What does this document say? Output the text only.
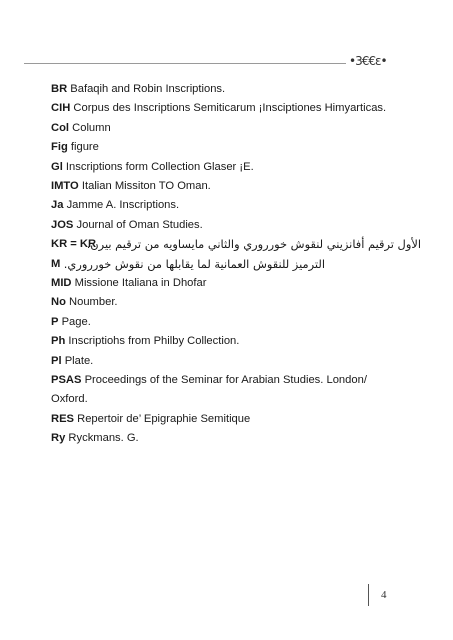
•3€€ε•
BR Bafaqih and Robin Inscriptions.
CIH Corpus des Inscriptions Semiticarum ¡Insciptiones Himyarticas.
Col Column
Fig figure
Gl Inscriptions form Collection Glaser ¡E.
IMTO Italian Missiton TO Oman.
Ja Jamme A. Inscriptions.
JOS Journal of Oman Studies.
KR = KR
الأول ترقيم أفانزيني لنقوش خورروري والثاني مايساويه من ترقيم بيرن.
M الترميز للنقوش العمانية لما يقابلها من نقوش خورروري.
MID Missione Italiana in Dhofar
No Noumber.
P Page.
Ph Inscriptiohs from Philby Collection.
Pl Plate.
PSAS Proceedings of the Seminar for Arabian Studies. London/ Oxford.
RES Repertoir de’ Epigraphie Semitique
Ry Ryckmans. G.
4
